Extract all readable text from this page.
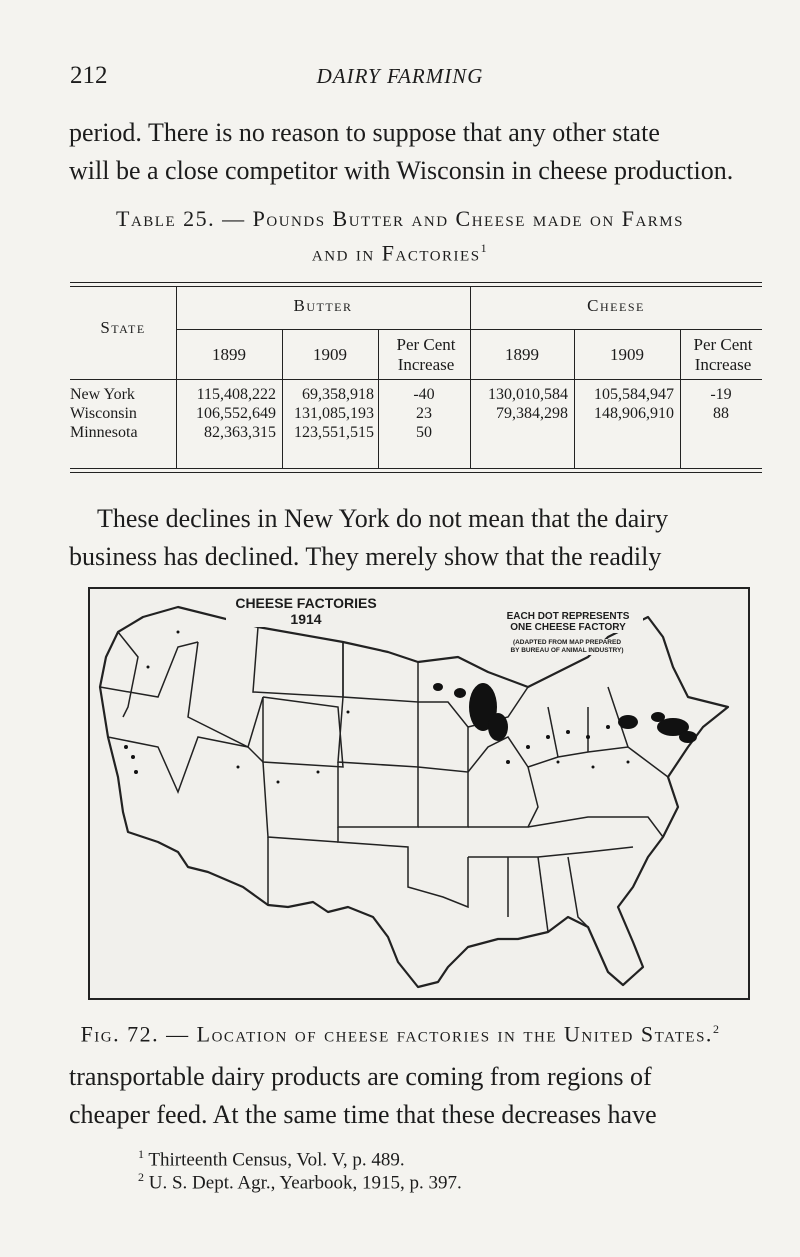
212	DAIRY FARMING

period. There is no reason to suppose that any other state
will be a close competitor with Wisconsin in cheese production.

Table 25. — Pounds Butter and Cheese made on Farms
and in Factories$^1$
State
Butter	Cheese
1899	1909
Per Cent Increase
1899	1909
Per Cent Increase
New York	115,408,222	69,358,918	-40	130,010,584	105,584,947	-19
Wisconsin	106,552,649	131,085,193	23	79,384,298	148,906,910	88
Minnesota	82,363,315	123,551,515	50

These declines in New York do not mean that the dairy
business has declined. They merely show that the readily

CHEESE FACTORIES
1914	EACH DOT REPRESENTS
ONE CHEESE FACTORY
(ADAPTED FROM MAP PREPARED
BY BUREAU OF ANIMAL INDUSTRY)
Fig. 72. — Location of cheese factories in the United States.$^2$

transportable dairy products are coming from regions of
cheaper feed. At the same time that these decreases have

$^1$ Thirteenth Census, Vol. V, p. 489.
$^2$ U. S. Dept. Agr., Yearbook, 1915, p. 397.
